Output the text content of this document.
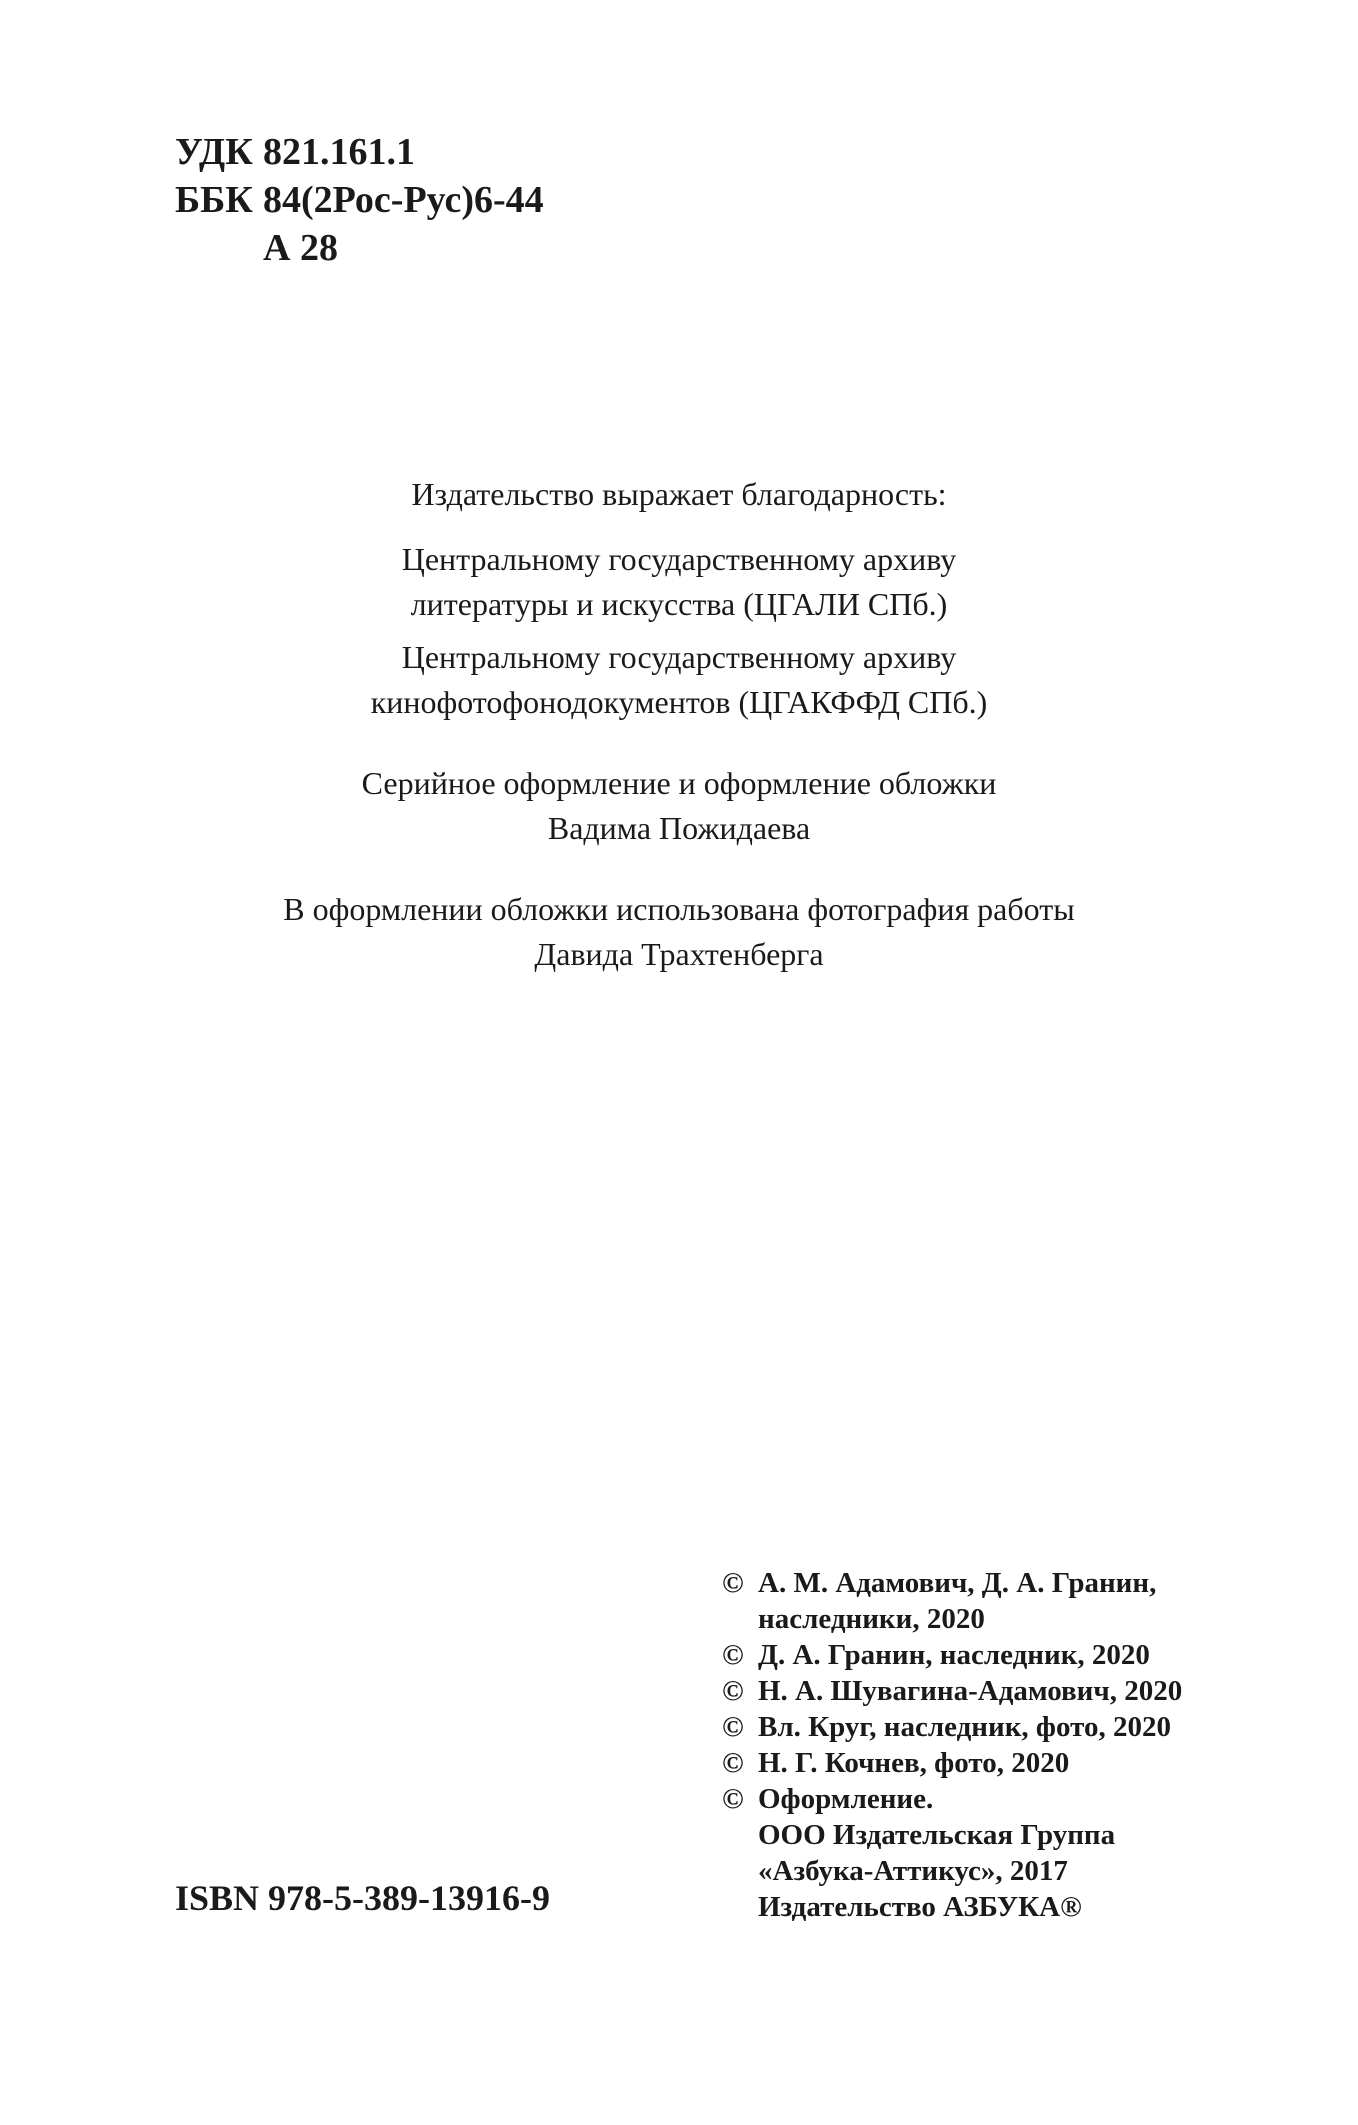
УДК 821.161.1
ББК 84(2Рос-Рус)6-44
А 28

Издательство выражает благодарность:

Центральному государственному архиву
литературы и искусства (ЦГАЛИ СПб.)

Центральному государственному архиву
кинофотофонодокументов (ЦГАКФФД СПб.)

Серийное оформление и оформление обложки
Вадима Пожидаева

В оформлении обложки использована фотография работы
Давида Трахтенберга

© А. М. Адамович, Д. А. Гранин,
наследники, 2020
© Д. А. Гранин, наследник, 2020
© Н. А. Шувагина-Адамович, 2020
© Вл. Круг, наследник, фото, 2020
© Н. Г. Кочнев, фото, 2020
© Оформление.
ООО Издательская Группа
«Азбука-Аттикус», 2017
Издательство АЗБУКА®
ISBN 978-5-389-13916-9
